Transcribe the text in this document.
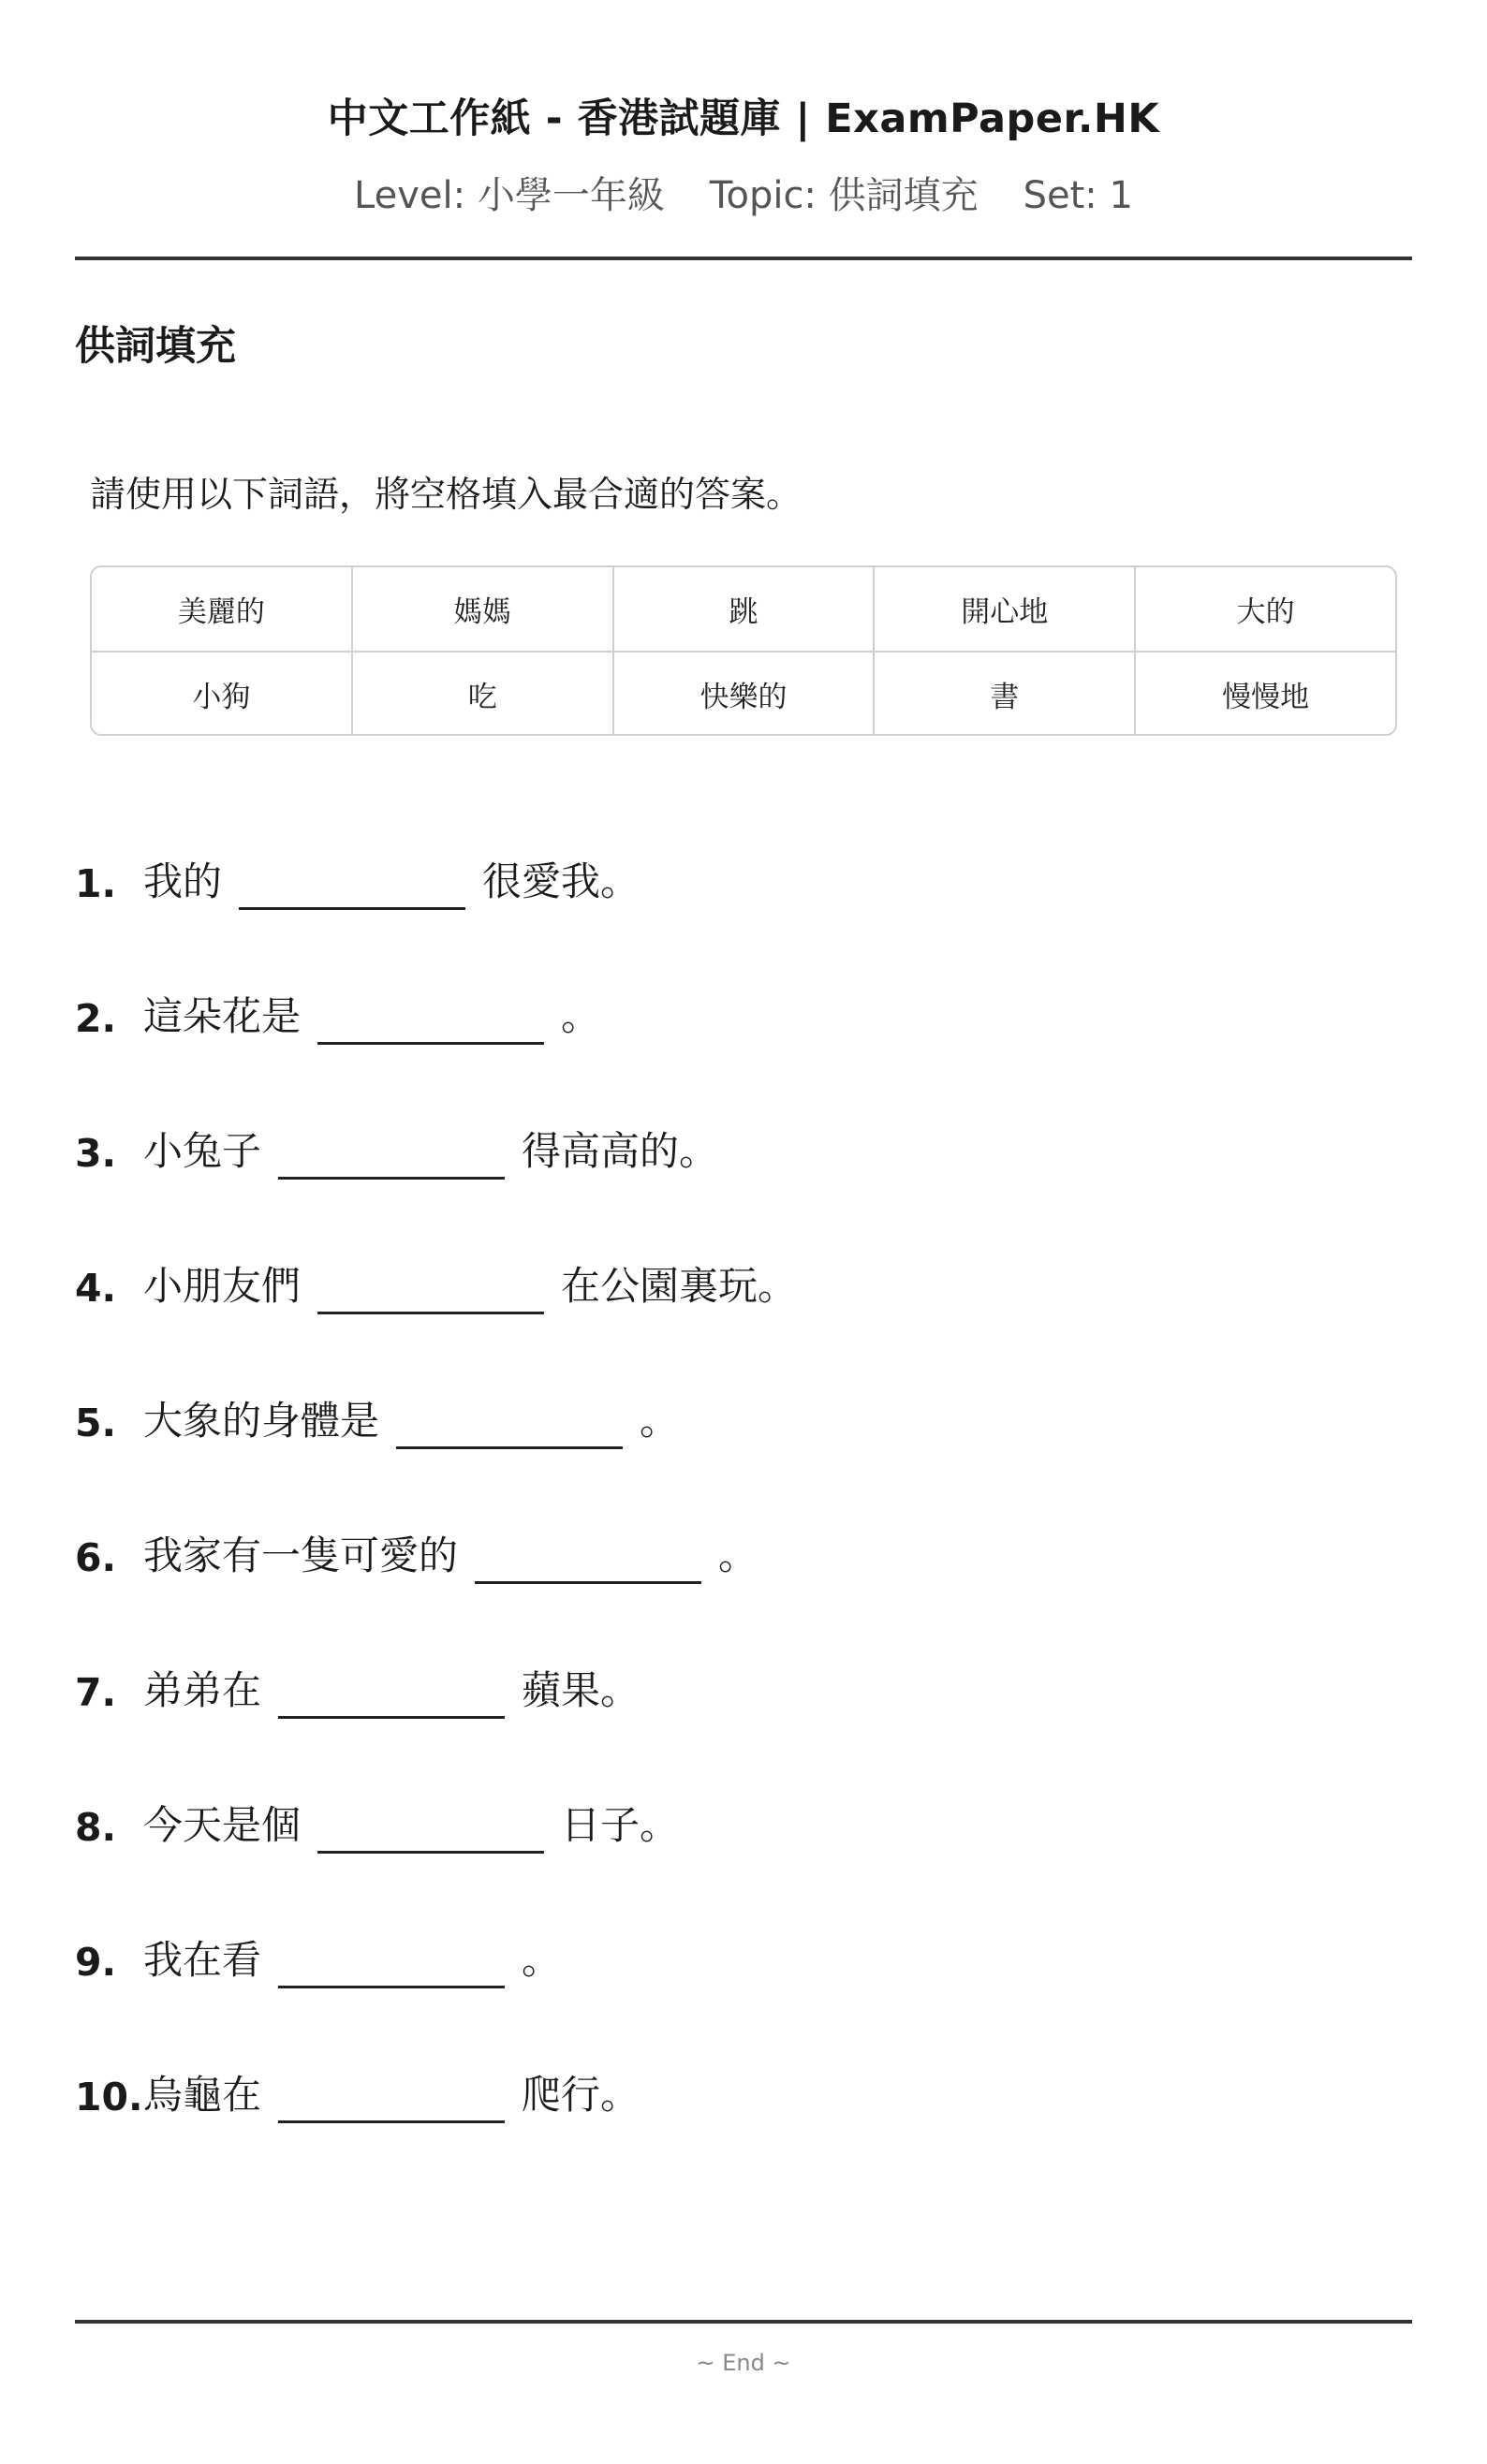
中文工作紙 - 香港試題庫 | ExamPaper.HK
Level: 小學一年級 Topic: 供詞填充 Set: 1
供詞填充
請使用以下詞語，將空格填入最合適的答案。
美麗的	媽媽	跳	開心地	大的
小狗	吃	快樂的	書	慢慢地
1. 我的	很愛我。
2. 這朵花是	。
3. 小兔子	得高高的。
4. 小朋友們	在公園裏玩。
5. 大象的身體是	。
6. 我家有一隻可愛的	。
7. 弟弟在	蘋果。
8. 今天是個	日子。
9. 我在看	。
10. 烏龜在	爬行。
~ End ~
